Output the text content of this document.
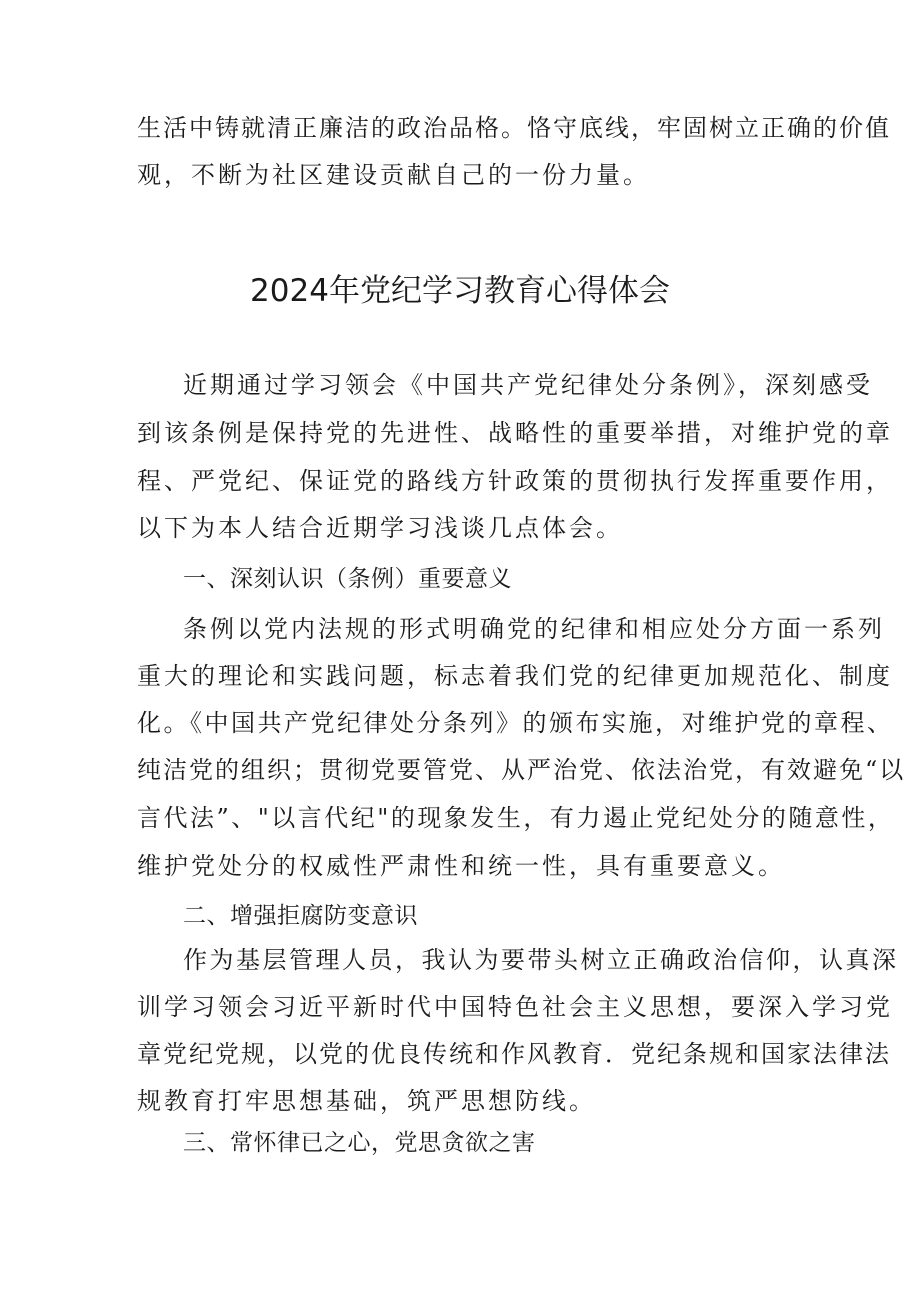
生活中铸就清正廉洁的政治品格。恪守底线，牢固树立正确的价值
观，不断为社区建设贡献自己的一份力量。
2024年党纪学习教育心得体会
近期通过学习领会《中国共产党纪律处分条例》，深刻感受
到该条例是保持党的先进性、战略性的重要举措，对维护党的章
程、严党纪、保证党的路线方针政策的贯彻执行发挥重要作用，
以下为本人结合近期学习浅谈几点体会。
一、深刻认识（条例）重要意义
条例以党内法规的形式明确党的纪律和相应处分方面一系列
重大的理论和实践问题，标志着我们党的纪律更加规范化、制度
化。《中国共产党纪律处分条列》的颁布实施，对维护党的章程、
纯洁党的组织；贯彻党要管党、从严治党、依法治党，有效避免“以
言代法”、"以言代纪"的现象发生，有力遏止党纪处分的随意性，
维护党处分的权威性严肃性和统一性，具有重要意义。
二、增强拒腐防变意识
作为基层管理人员，我认为要带头树立正确政治信仰，认真深
训学习领会习近平新时代中国特色社会主义思想，要深入学习党
章党纪党规，以党的优良传统和作风教育．党纪条规和国家法律法
规教育打牢思想基础，筑严思想防线。
三、常怀律已之心，党思贪欲之害
